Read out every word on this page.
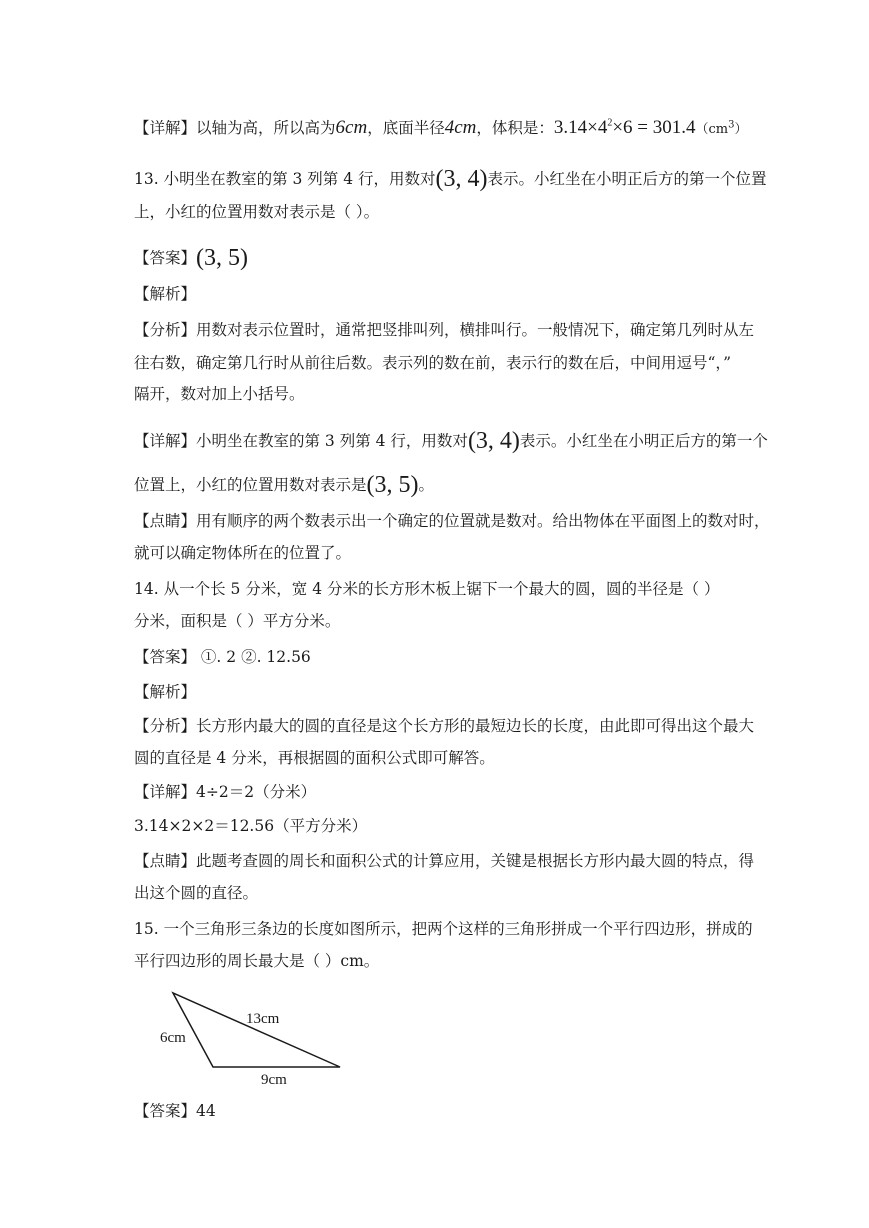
【详解】以轴为高，所以高为6cm，底面半径4cm，体积是：$3.14\times 4^2\times 6 = 301.4(cm^3)$
13. 小明坐在教室的第 3 列第 4 行，用数对(3, 4)表示。小红坐在小明正后方的第一个位置
上，小红的位置用数对表示是（ ）。
【答案】(3, 5)
【解析】
【分析】用数对表示位置时，通常把竖排叫列，横排叫行。一般情况下，确定第几列时从左
往右数，确定第几行时从前往后数。表示列的数在前，表示行的数在后，中间用逗号“，”
隔开，数对加上小括号。
【详解】小明坐在教室的第 3 列第 4 行，用数对(3, 4)表示。小红坐在小明正后方的第一个
位置上，小红的位置用数对表示是(3, 5)。
【点睛】用有顺序的两个数表示出一个确定的位置就是数对。给出物体在平面图上的数对时，
就可以确定物体所在的位置了。
14. 从一个长 5 分米，宽 4 分米的长方形木板上锯下一个最大的圆，圆的半径是（ ）
分米，面积是（ ）平方分米。
【答案】 ①. 2 ②. 12.56
【解析】
【分析】长方形内最大的圆的直径是这个长方形的最短边长的长度，由此即可得出这个最大
圆的直径是 4 分米，再根据圆的面积公式即可解答。
【详解】4÷2＝2（分米）
3.14×2×2＝12.56（平方分米）
【点睛】此题考查圆的周长和面积公式的计算应用，关键是根据长方形内最大圆的特点，得
出这个圆的直径。
15. 一个三角形三条边的长度如图所示，把两个这样的三角形拼成一个平行四边形，拼成的
平行四边形的周长最大是（ ）cm。
13cm
6cm
9cm
【答案】44
